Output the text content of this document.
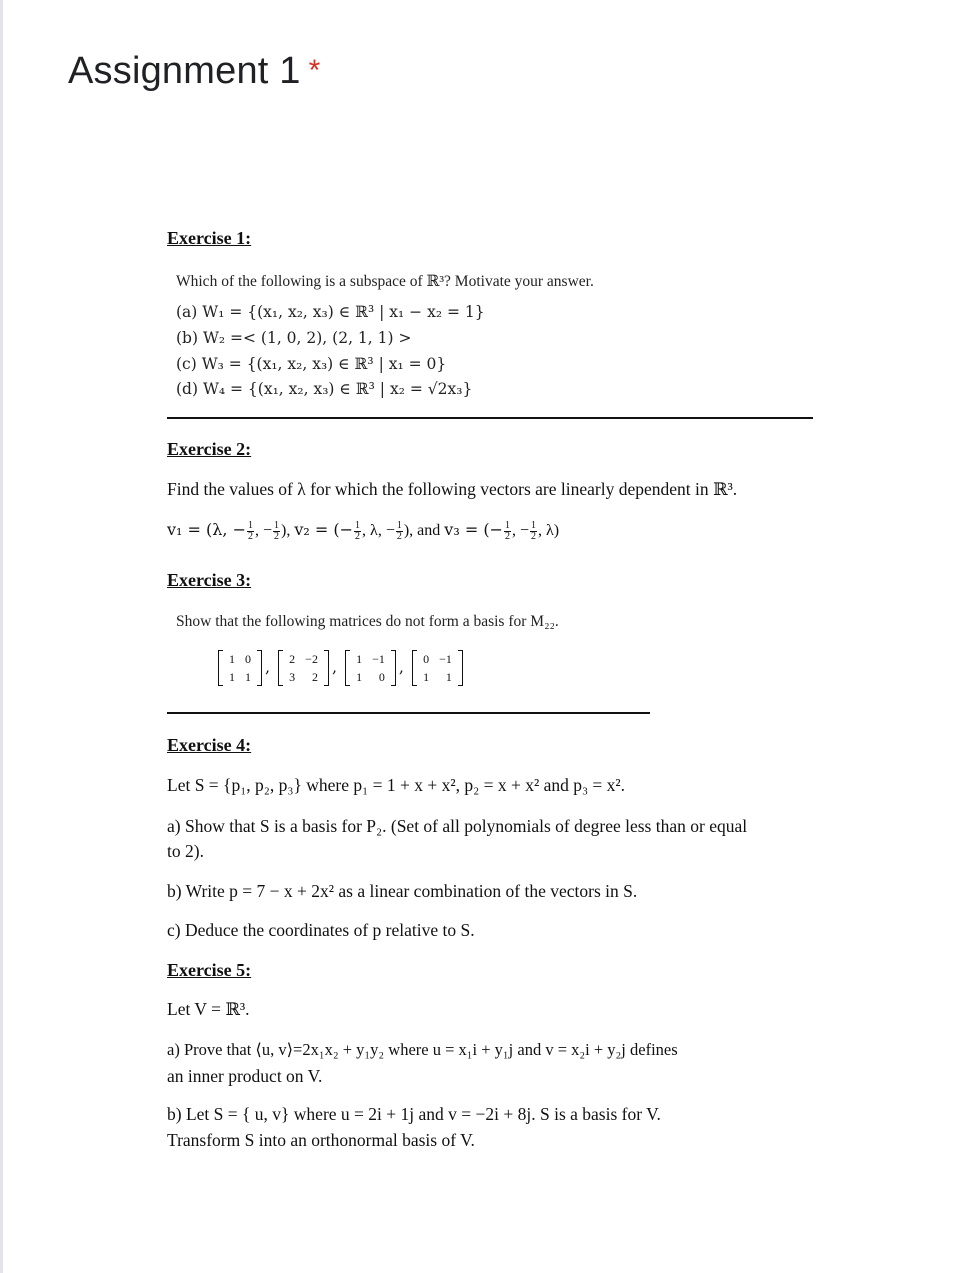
Assignment 1 *
Exercise 1:
Which of the following is a subspace of ℝ³? Motivate your answer.
(a) W₁ = {(x₁, x₂, x₃) ∈ ℝ³ | x₁ − x₂ = 1}
(b) W₂ =< (1, 0, 2), (2, 1, 1) >
(c) W₃ = {(x₁, x₂, x₃) ∈ ℝ³ | x₁ = 0}
(d) W₄ = {(x₁, x₂, x₃) ∈ ℝ³ | x₂ = √2x₃}
Exercise 2:
Find the values of λ for which the following vectors are linearly dependent in ℝ³.
v₁ = (λ, − $\frac{1}{2}$ , − $\frac{1}{2}$ ), v₂ = (− $\frac{1}{2}$ , λ, − $\frac{1}{2}$ ), and v₃ = (− $\frac{1}{2}$ , − $\frac{1}{2}$ , λ)
Exercise 3:
Show that the following matrices do not form a basis for M₂₂.
1	0
1	1
, 2	−2
3	2
, 1	−1
1	0
, 0	−1
1	1
Exercise 4:
Let S = {p₁, p₂, p₃} where p₁ = 1 + x + x², p₂ = x + x² and p₃ = x².
a) Show that S is a basis for P₂. (Set of all polynomials of degree less than or equal
to 2).
b) Write p = 7 − x + 2x² as a linear combination of the vectors in S.
c) Deduce the coordinates of p relative to S.
Exercise 5:
Let V = ℝ³.
a) Prove that ⟨u, v⟩=2x₁x₂ + y₁y₂ where u = x₁i + y₁j and v = x₂i + y₂j defines
an inner product on V.
b) Let S = { u, v} where u = 2i + 1j and v = −2i + 8j. S is a basis for V.
Transform S into an orthonormal basis of V.
